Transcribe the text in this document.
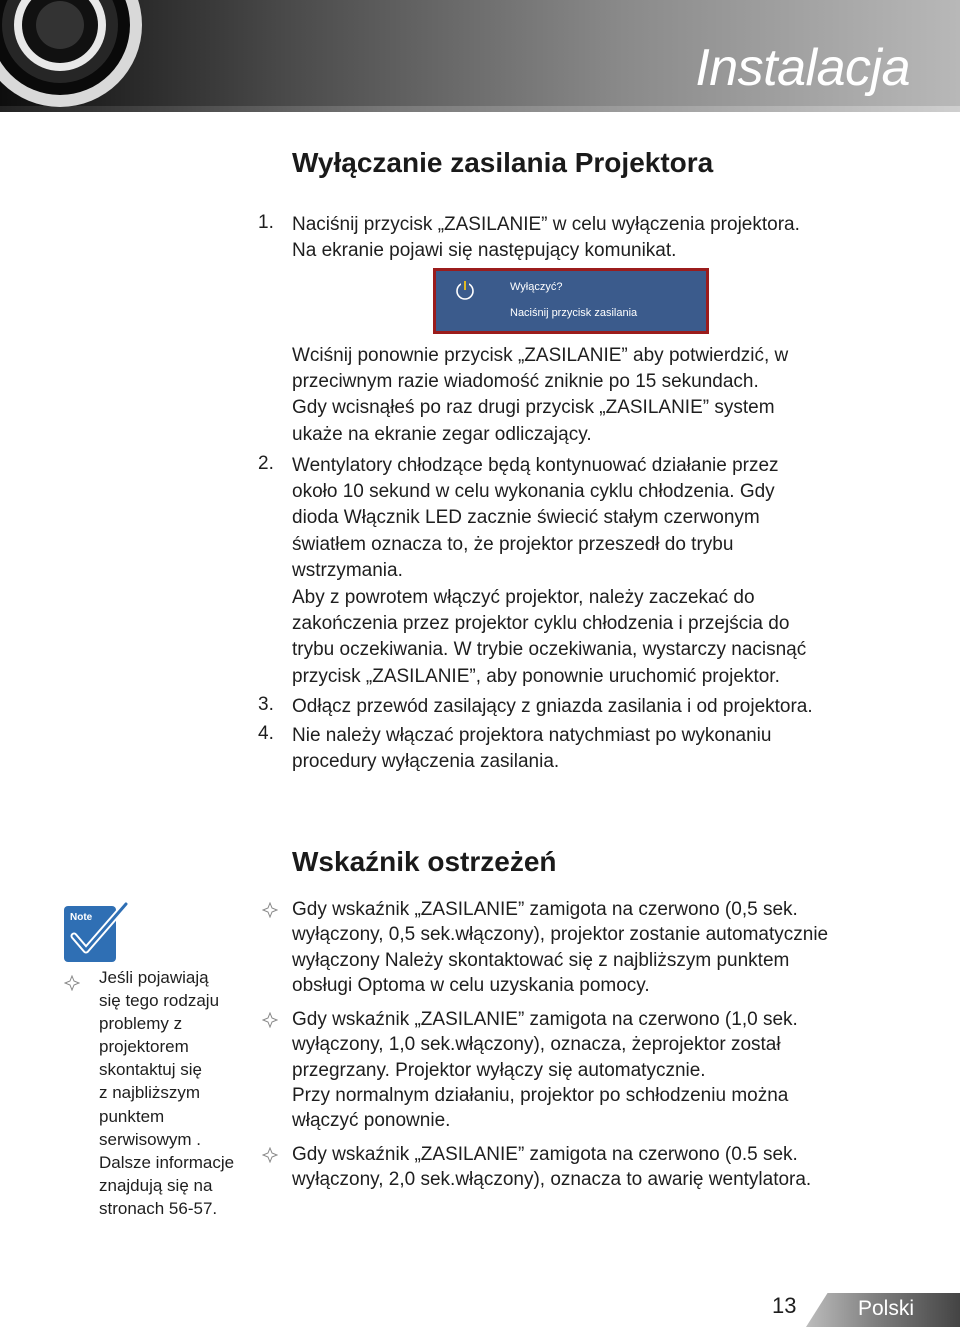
Instalacja
Wyłączanie zasilania Projektora
1. Naciśnij przycisk „ZASILANIE” w celu wyłączenia projektora.
Na ekranie pojawi się następujący komunikat.
Wyłączyć?
Naciśnij przycisk zasilania
Wciśnij ponownie przycisk „ZASILANIE” aby potwierdzić, w
przeciwnym razie wiadomość zniknie po 15 sekundach.
Gdy wcisnąłeś po raz drugi przycisk „ZASILANIE” system
ukaże na ekranie zegar odliczający.
2. Wentylatory chłodzące będą kontynuować działanie przez
około 10 sekund w celu wykonania cyklu chłodzenia. Gdy
dioda Włącznik LED zacznie świecić stałym czerwonym
światłem oznacza to, że projektor przeszedł do trybu
wstrzymania.
Aby z powrotem włączyć projektor, należy zaczekać do
zakończenia przez projektor cyklu chłodzenia i przejścia do
trybu oczekiwania. W trybie oczekiwania, wystarczy nacisnąć
przycisk „ZASILANIE”, aby ponownie uruchomić projektor.
3. Odłącz przewód zasilający z gniazda zasilania i od projektora.
4. Nie należy włączać projektora natychmiast po wykonaniu
procedury wyłączenia zasilania.
Wskaźnik ostrzeżeń
Gdy wskaźnik „ZASILANIE” zamigota na czerwono (0,5 sek.
wyłączony, 0,5 sek.włączony), projektor zostanie automatycznie
wyłączony Należy skontaktować się z najbliższym punktem
obsługi Optoma w celu uzyskania pomocy.
Gdy wskaźnik „ZASILANIE” zamigota na czerwono (1,0 sek.
wyłączony, 1,0 sek.włączony), oznacza, żeprojektor został
przegrzany. Projektor wyłączy się automatycznie.
Przy normalnym działaniu, projektor po schłodzeniu można
włączyć ponownie.
Gdy wskaźnik „ZASILANIE” zamigota na czerwono (0.5 sek.
wyłączony, 2,0 sek.włączony), oznacza to awarię wentylatora.
Note
Jeśli pojawiają
się tego rodzaju
problemy z
projektorem
skontaktuj się
z najbliższym
punktem
serwisowym .
Dalsze informacje
znajdują się na
stronach 56-57.
13	Polski
